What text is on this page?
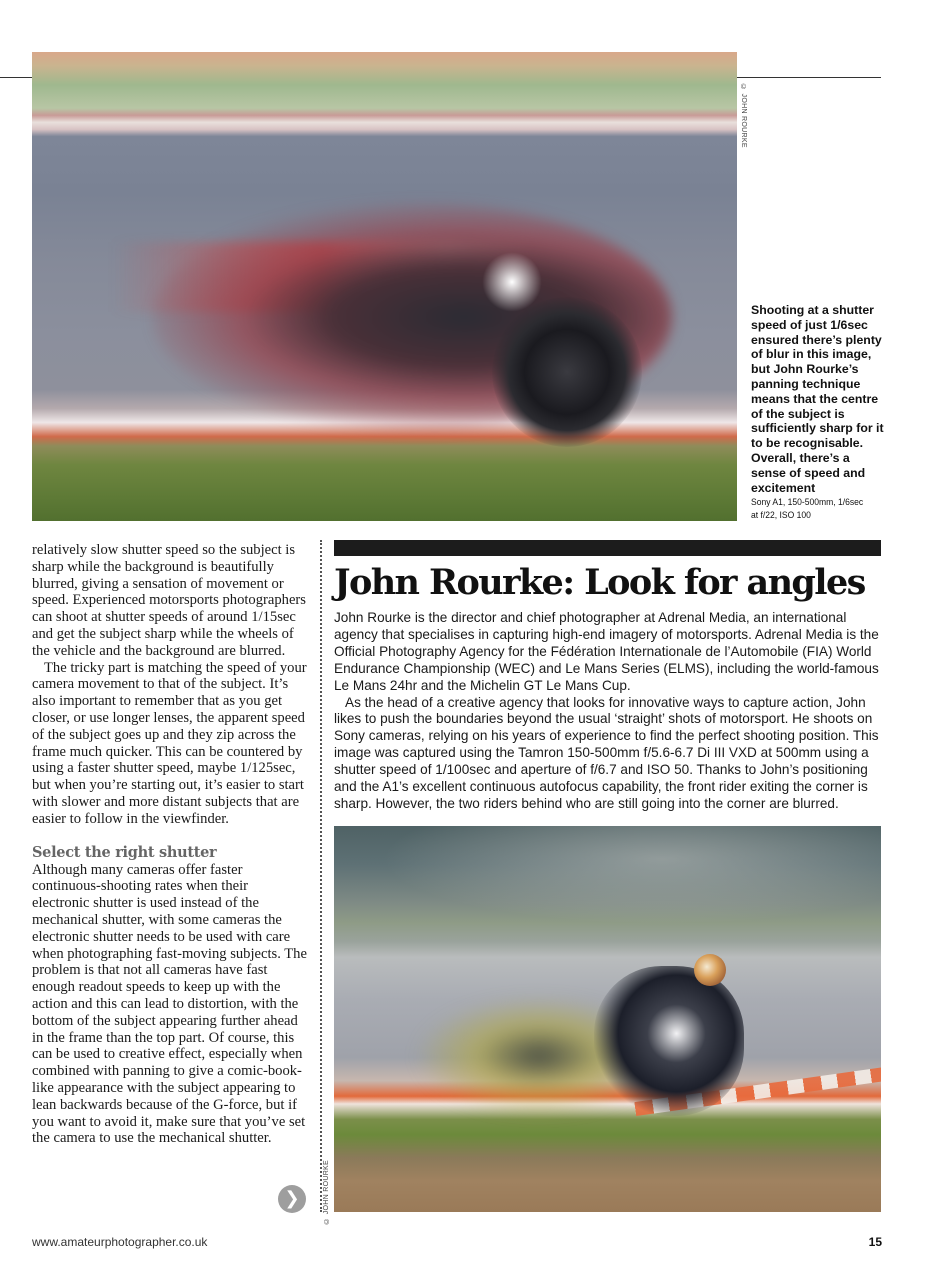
© JOHN ROURKE
Shooting at a shutter speed of just 1/6sec ensured there’s plenty of blur in this image, but John Rourke’s panning technique means that the centre of the subject is sufficiently sharp for it to be recognisable. Overall, there’s a sense of speed and excitement
Sony A1, 150-500mm, 1/6sec
at f/22, ISO 100

relatively slow shutter speed so the subject is sharp while the background is beautifully blurred, giving a sensation of movement or speed. Experienced motorsports photographers can shoot at shutter speeds of around 1/15sec and get the subject sharp while the wheels of the vehicle and the background are blurred.

The tricky part is matching the speed of your camera movement to that of the subject. It’s also important to remember that as you get closer, or use longer lenses, the apparent speed of the subject goes up and they zip across the frame much quicker. This can be countered by using a faster shutter speed, maybe 1/125sec, but when you’re starting out, it’s easier to start with slower and more distant subjects that are easier to follow in the viewfinder.

Select the right shutter

Although many cameras offer faster continuous-shooting rates when their electronic shutter is used instead of the mechanical shutter, with some cameras the electronic shutter needs to be used with care when photographing fast-moving subjects. The problem is that not all cameras have fast enough readout speeds to keep up with the action and this can lead to distortion, with the bottom of the subject appearing further ahead in the frame than the top part. Of course, this can be used to creative effect, especially when combined with panning to give a comic-book-like appearance with the subject appearing to lean backwards because of the G-force, but if you want to avoid it, make sure that you’ve set the camera to use the mechanical shutter.

❯
John Rourke: Look for angles

John Rourke is the director and chief photographer at Adrenal Media, an international agency that specialises in capturing high-end imagery of motorsports. Adrenal Media is the Official Photography Agency for the Fédération Internationale de l’Automobile (FIA) World Endurance Championship (WEC) and Le Mans Series (ELMS), including the world-famous Le Mans 24hr and the Michelin GT Le Mans Cup.

As the head of a creative agency that looks for innovative ways to capture action, John likes to push the boundaries beyond the usual ‘straight’ shots of motorsport. He shoots on Sony cameras, relying on his years of experience to find the perfect shooting position. This image was captured using the Tamron 150-500mm f/5.6-6.7 Di III VXD at 500mm using a shutter speed of 1/100sec and aperture of f/6.7 and ISO 50. Thanks to John’s positioning and the A1’s excellent continuous autofocus capability, the front rider exiting the corner is sharp. However, the two riders behind who are still going into the corner are blurred.

© JOHN ROURKE
www.amateurphotographer.co.uk	15
